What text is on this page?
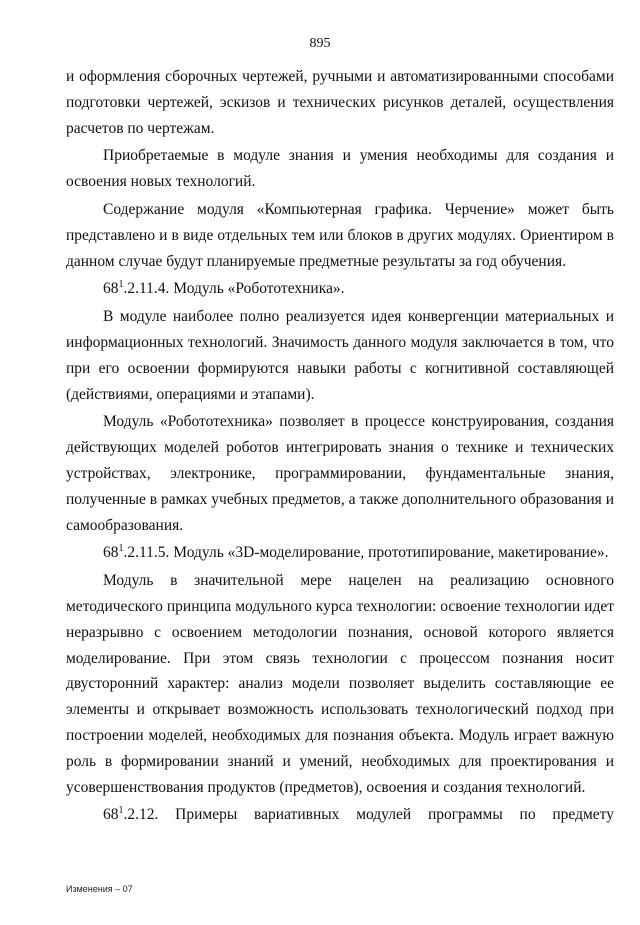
895

и оформления сборочных чертежей, ручными и автоматизированными способами подготовки чертежей, эскизов и технических рисунков деталей, осуществления расчетов по чертежам.

Приобретаемые в модуле знания и умения необходимы для создания и освоения новых технологий.

Содержание модуля «Компьютерная графика. Черчение» может быть представлено и в виде отдельных тем или блоков в других модулях. Ориентиром в данном случае будут планируемые предметные результаты за год обучения.

$68^1.2.11.4$. Модуль «Робототехника».

В модуле наиболее полно реализуется идея конвергенции материальных и информационных технологий. Значимость данного модуля заключается в том, что при его освоении формируются навыки работы с когнитивной составляющей (действиями, операциями и этапами).

Модуль «Робототехника» позволяет в процессе конструирования, создания действующих моделей роботов интегрировать знания о технике и технических устройствах, электронике, программировании, фундаментальные знания, полученные в рамках учебных предметов, а также дополнительного образования и самообразования.

$68^1.2.11.5$. Модуль «3D-моделирование, прототипирование, макетирование».

Модуль в значительной мере нацелен на реализацию основного методического принципа модульного курса технологии: освоение технологии идет неразрывно с освоением методологии познания, основой которого является моделирование. При этом связь технологии с процессом познания носит двусторонний характер: анализ модели позволяет выделить составляющие ее элементы и открывает возможность использовать технологический подход при построении моделей, необходимых для познания объекта. Модуль играет важную роль в формировании знаний и умений, необходимых для проектирования и усовершенствования продуктов (предметов), освоения и создания технологий.

$68^1.2.12$. Примеры вариативных модулей программы по предмету

Изменения – 07
